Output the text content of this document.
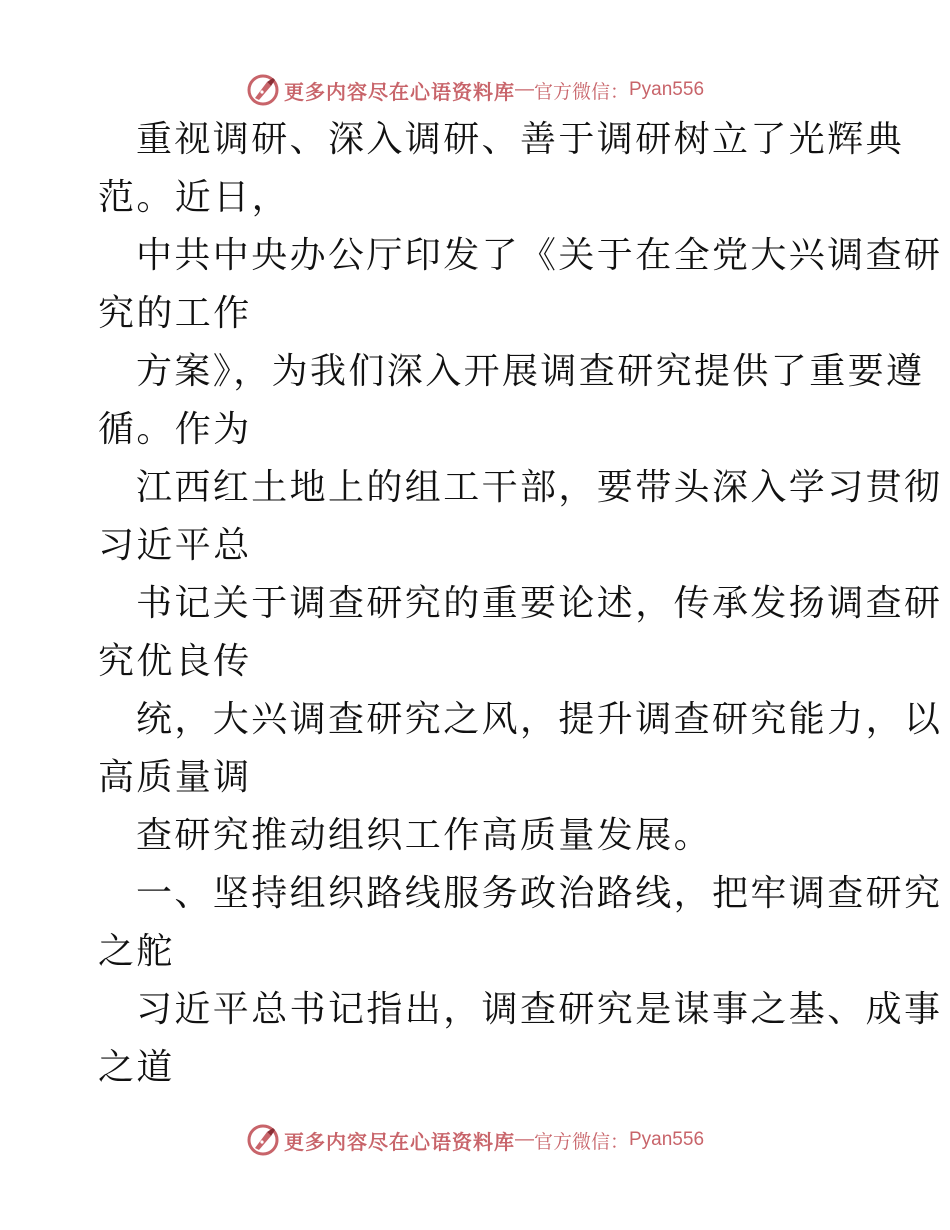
更多内容尽在心语资料库 — 官方微信： Pyan556
重视调研、深入调研、善于调研树立了光辉典
范。近日，
中共中央办公厅印发了《关于在全党大兴调查研
究的工作
方案》，为我们深入开展调查研究提供了重要遵
循。作为
江西红土地上的组工干部，要带头深入学习贯彻
习近平总
书记关于调查研究的重要论述，传承发扬调查研
究优良传
统，大兴调查研究之风，提升调查研究能力，以
高质量调
查研究推动组织工作高质量发展。
一、坚持组织路线服务政治路线，把牢调查研究
之舵
习近平总书记指出，调查研究是谋事之基、成事
之道
更多内容尽在心语资料库 — 官方微信： Pyan556
